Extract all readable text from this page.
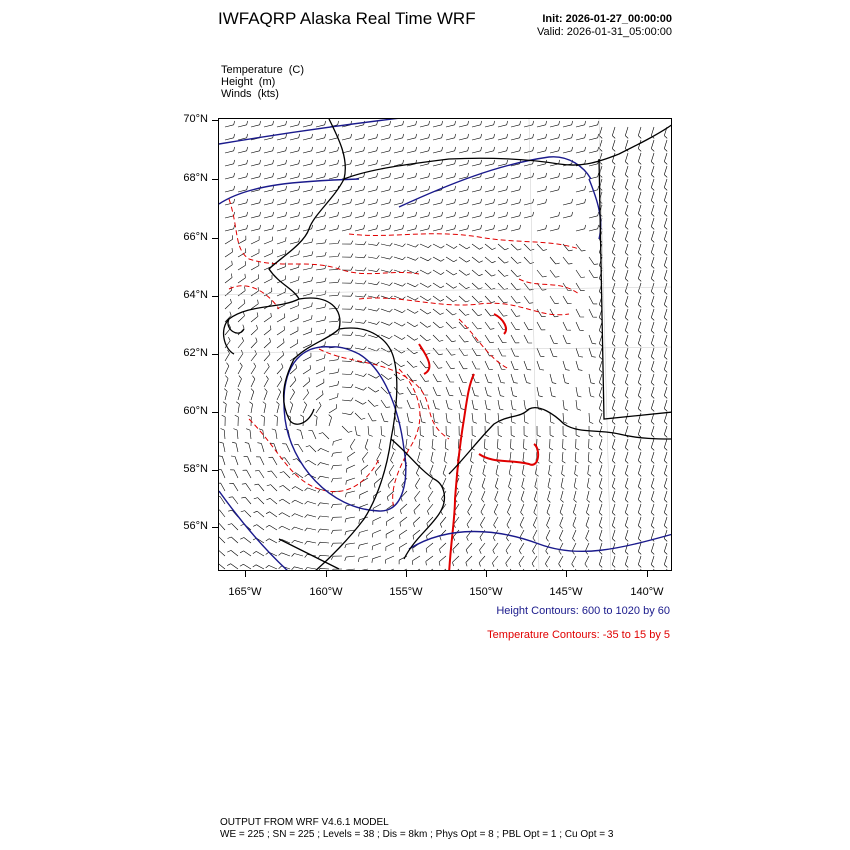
IWFAQRP Alaska Real Time WRF	Init: 2026-01-27_00:00:00
Valid: 2026-01-31_05:00:00
Temperature (C)
Height (m)
Winds (kts)
70°N
68°N
66°N
64°N
62°N
60°N
58°N
56°N
165°W	160°W	155°W	150°W	145°W	140°W
Height Contours: 600 to 1020 by 60
Temperature Contours: -35 to 15 by 5
OUTPUT FROM WRF V4.6.1 MODEL
WE = 225 ; SN = 225 ; Levels = 38 ; Dis = 8km ; Phys Opt = 8 ; PBL Opt = 1 ; Cu Opt = 3
